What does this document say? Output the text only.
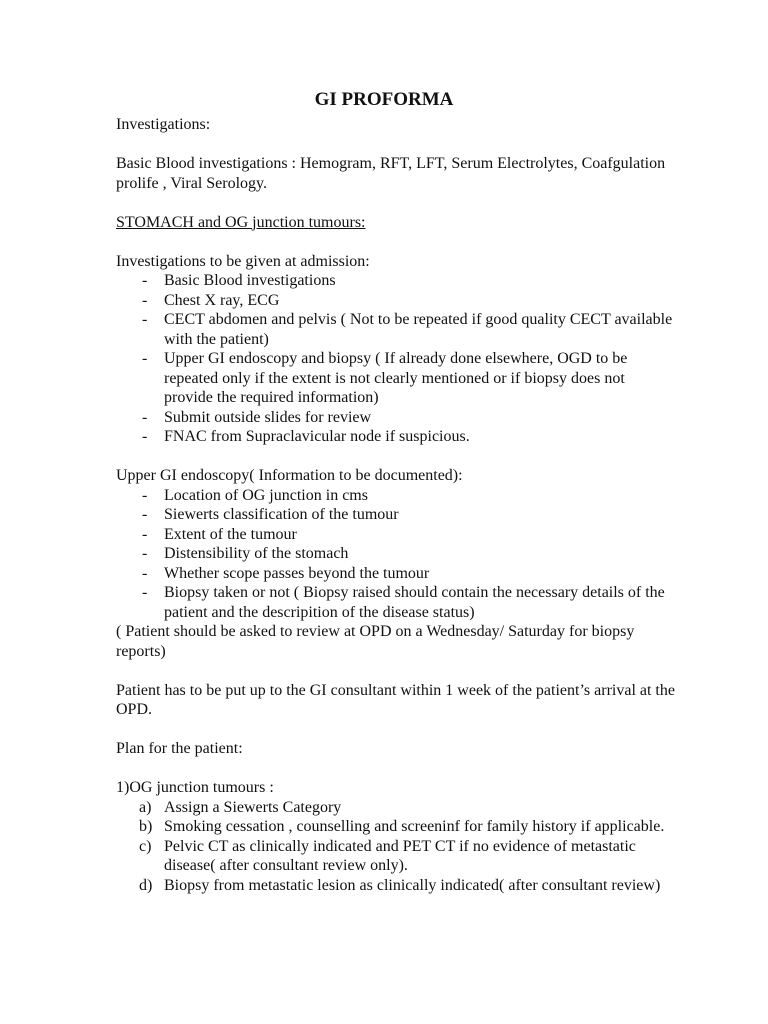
GI PROFORMA

Investigations:

Basic Blood investigations : Hemogram, RFT, LFT, Serum Electrolytes, Coafgulation prolife , Viral Serology.

STOMACH and OG junction tumours:

Investigations to be given at admission:

- Basic Blood investigations
- Chest X ray, ECG
- CECT abdomen and pelvis ( Not to be repeated if good quality CECT available with the patient)
- Upper GI endoscopy and biopsy ( If already done elsewhere, OGD to be repeated only if the extent is not clearly mentioned or if biopsy does not provide the required information)
- Submit outside slides for review
- FNAC from Supraclavicular node if suspicious.

Upper GI endoscopy( Information to be documented):

- Location of OG junction in cms
- Siewerts classification of the tumour
- Extent of the tumour
- Distensibility of the stomach
- Whether scope passes beyond the tumour
- Biopsy taken or not ( Biopsy raised should contain the necessary details of the patient and the descripition of the disease status)

( Patient should be asked to review at OPD on a Wednesday/ Saturday for biopsy reports)

Patient has to be put up to the GI consultant within 1 week of the patient’s arrival at the OPD.

Plan for the patient:

1)OG junction tumours :

a) Assign a Siewerts Category
b) Smoking cessation , counselling and screeninf for family history if applicable.
c) Pelvic CT as clinically indicated and PET CT if no evidence of metastatic disease( after consultant review only).
d) Biopsy from metastatic lesion as clinically indicated( after consultant review)
